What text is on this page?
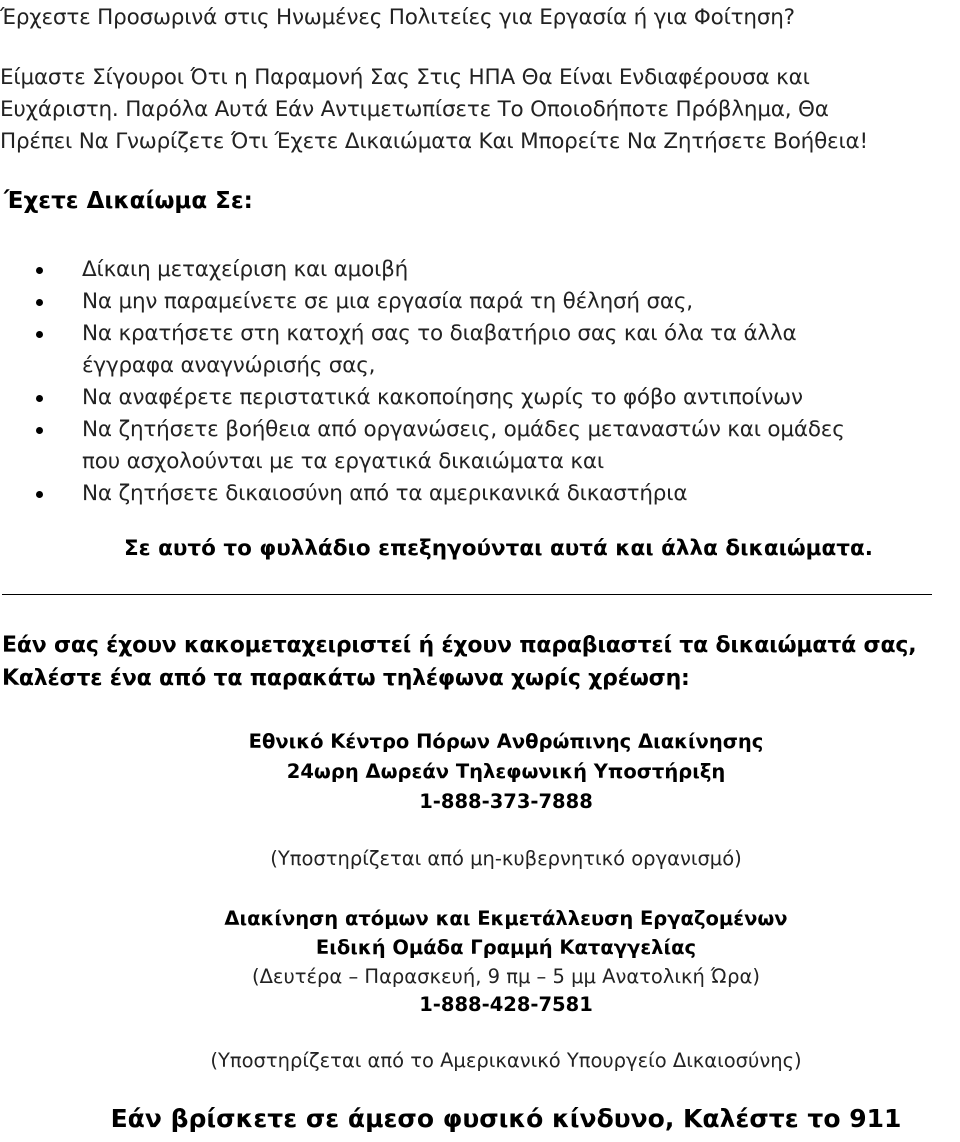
Έρχεστε Προσωρινά στις Ηνωμένες Πολιτείες για Εργασία ή για Φοίτηση?
Είμαστε Σίγουροι Ότι η Παραμονή Σας Στις ΗΠΑ Θα Είναι Ενδιαφέρουσα και
Ευχάριστη. Παρόλα Αυτά Εάν Αντιμετωπίσετε Το Οποιοδήποτε Πρόβλημα, Θα
Πρέπει Να Γνωρίζετε Ότι Έχετε Δικαιώματα Και Μπορείτε Να Ζητήσετε Βοήθεια!
Έχετε Δικαίωμα Σε:
Δίκαιη μεταχείριση και αμοιβή
Να μην παραμείνετε σε μια εργασία παρά τη θέλησή σας,
Να κρατήσετε στη κατοχή σας το διαβατήριο σας και όλα τα άλλα
έγγραφα αναγνώρισής σας,
Να αναφέρετε περιστατικά κακοποίησης χωρίς το φόβο αντιποίνων
Να ζητήσετε βοήθεια από οργανώσεις, ομάδες μεταναστών και ομάδες
που ασχολούνται με τα εργατικά δικαιώματα και
Να ζητήσετε δικαιοσύνη από τα αμερικανικά δικαστήρια
Σε αυτό το φυλλάδιο επεξηγούνται αυτά και άλλα δικαιώματα.
Εάν σας έχουν κακομεταχειριστεί ή έχουν παραβιαστεί τα δικαιώματά σας,
Καλέστε ένα από τα παρακάτω τηλέφωνα χωρίς χρέωση:
Εθνικό Κέντρο Πόρων Ανθρώπινης Διακίνησης
24ωρη Δωρεάν Τηλεφωνική Υποστήριξη
1-888-373-7888
(Υποστηρίζεται από μη-κυβερνητικό οργανισμό)
Διακίνηση ατόμων και Εκμετάλλευση Εργαζομένων
Ειδική Ομάδα Γραμμή Καταγγελίας
(Δευτέρα – Παρασκευή, 9 πμ – 5 μμ Ανατολική Ώρα)
1-888-428-7581
(Υποστηρίζεται από το Αμερικανικό Υπουργείο Δικαιοσύνης)
Εάν βρίσκετε σε άμεσο φυσικό κίνδυνο, Καλέστε το 911
